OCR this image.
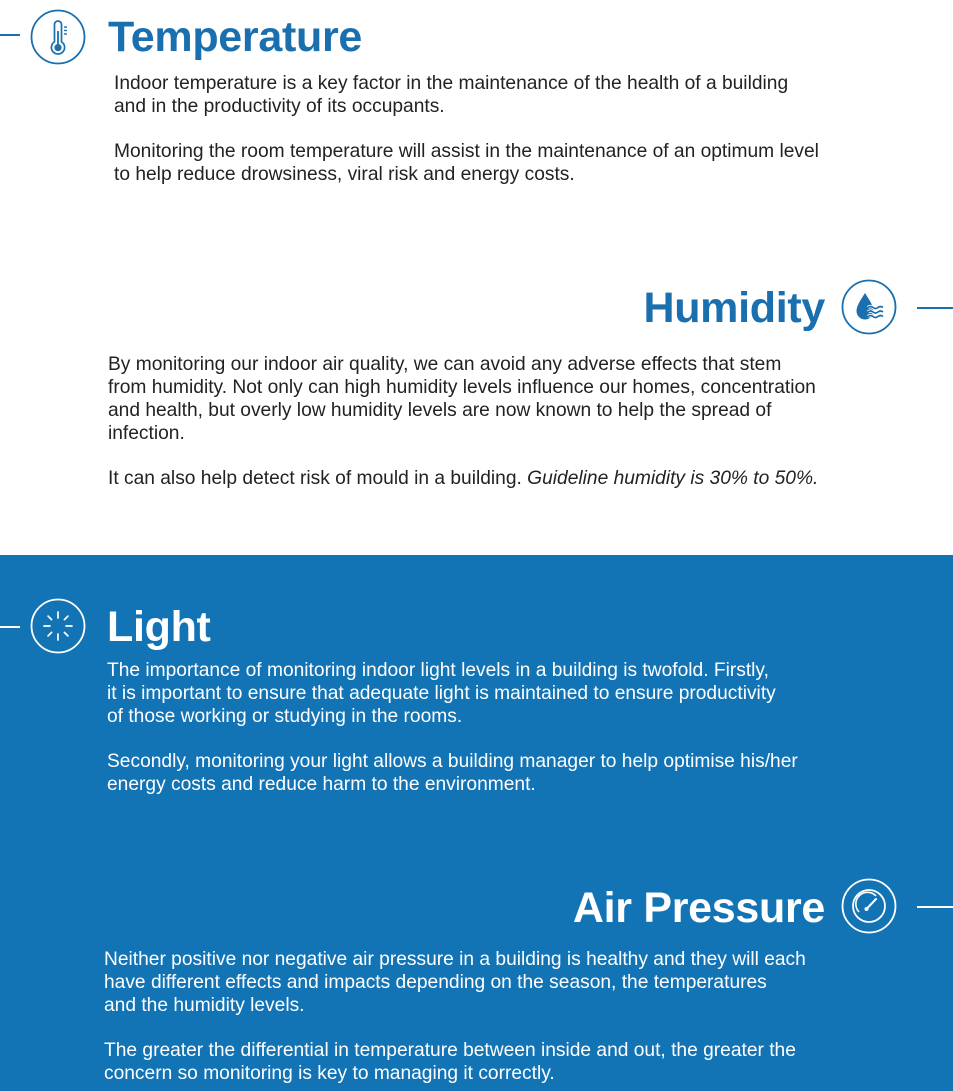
Temperature

Indoor temperature is a key factor in the maintenance of the health of a building
and in the productivity of its occupants.

Monitoring the room temperature will assist in the maintenance of an optimum level
to help reduce drowsiness, viral risk and energy costs.

Humidity

By monitoring our indoor air quality, we can avoid any adverse effects that stem
from humidity. Not only can high humidity levels influence our homes, concentration
and health, but overly low humidity levels are now known to help the spread of
infection.

It can also help detect risk of mould in a building. Guideline humidity is 30% to 50%.

Light

The importance of monitoring indoor light levels in a building is twofold. Firstly,
it is important to ensure that adequate light is maintained to ensure productivity
of those working or studying in the rooms.

Secondly, monitoring your light allows a building manager to help optimise his/her
energy costs and reduce harm to the environment.

Air Pressure

Neither positive nor negative air pressure in a building is healthy and they will each
have different effects and impacts depending on the season, the temperatures
and the humidity levels.

The greater the differential in temperature between inside and out, the greater the
concern so monitoring is key to managing it correctly.
